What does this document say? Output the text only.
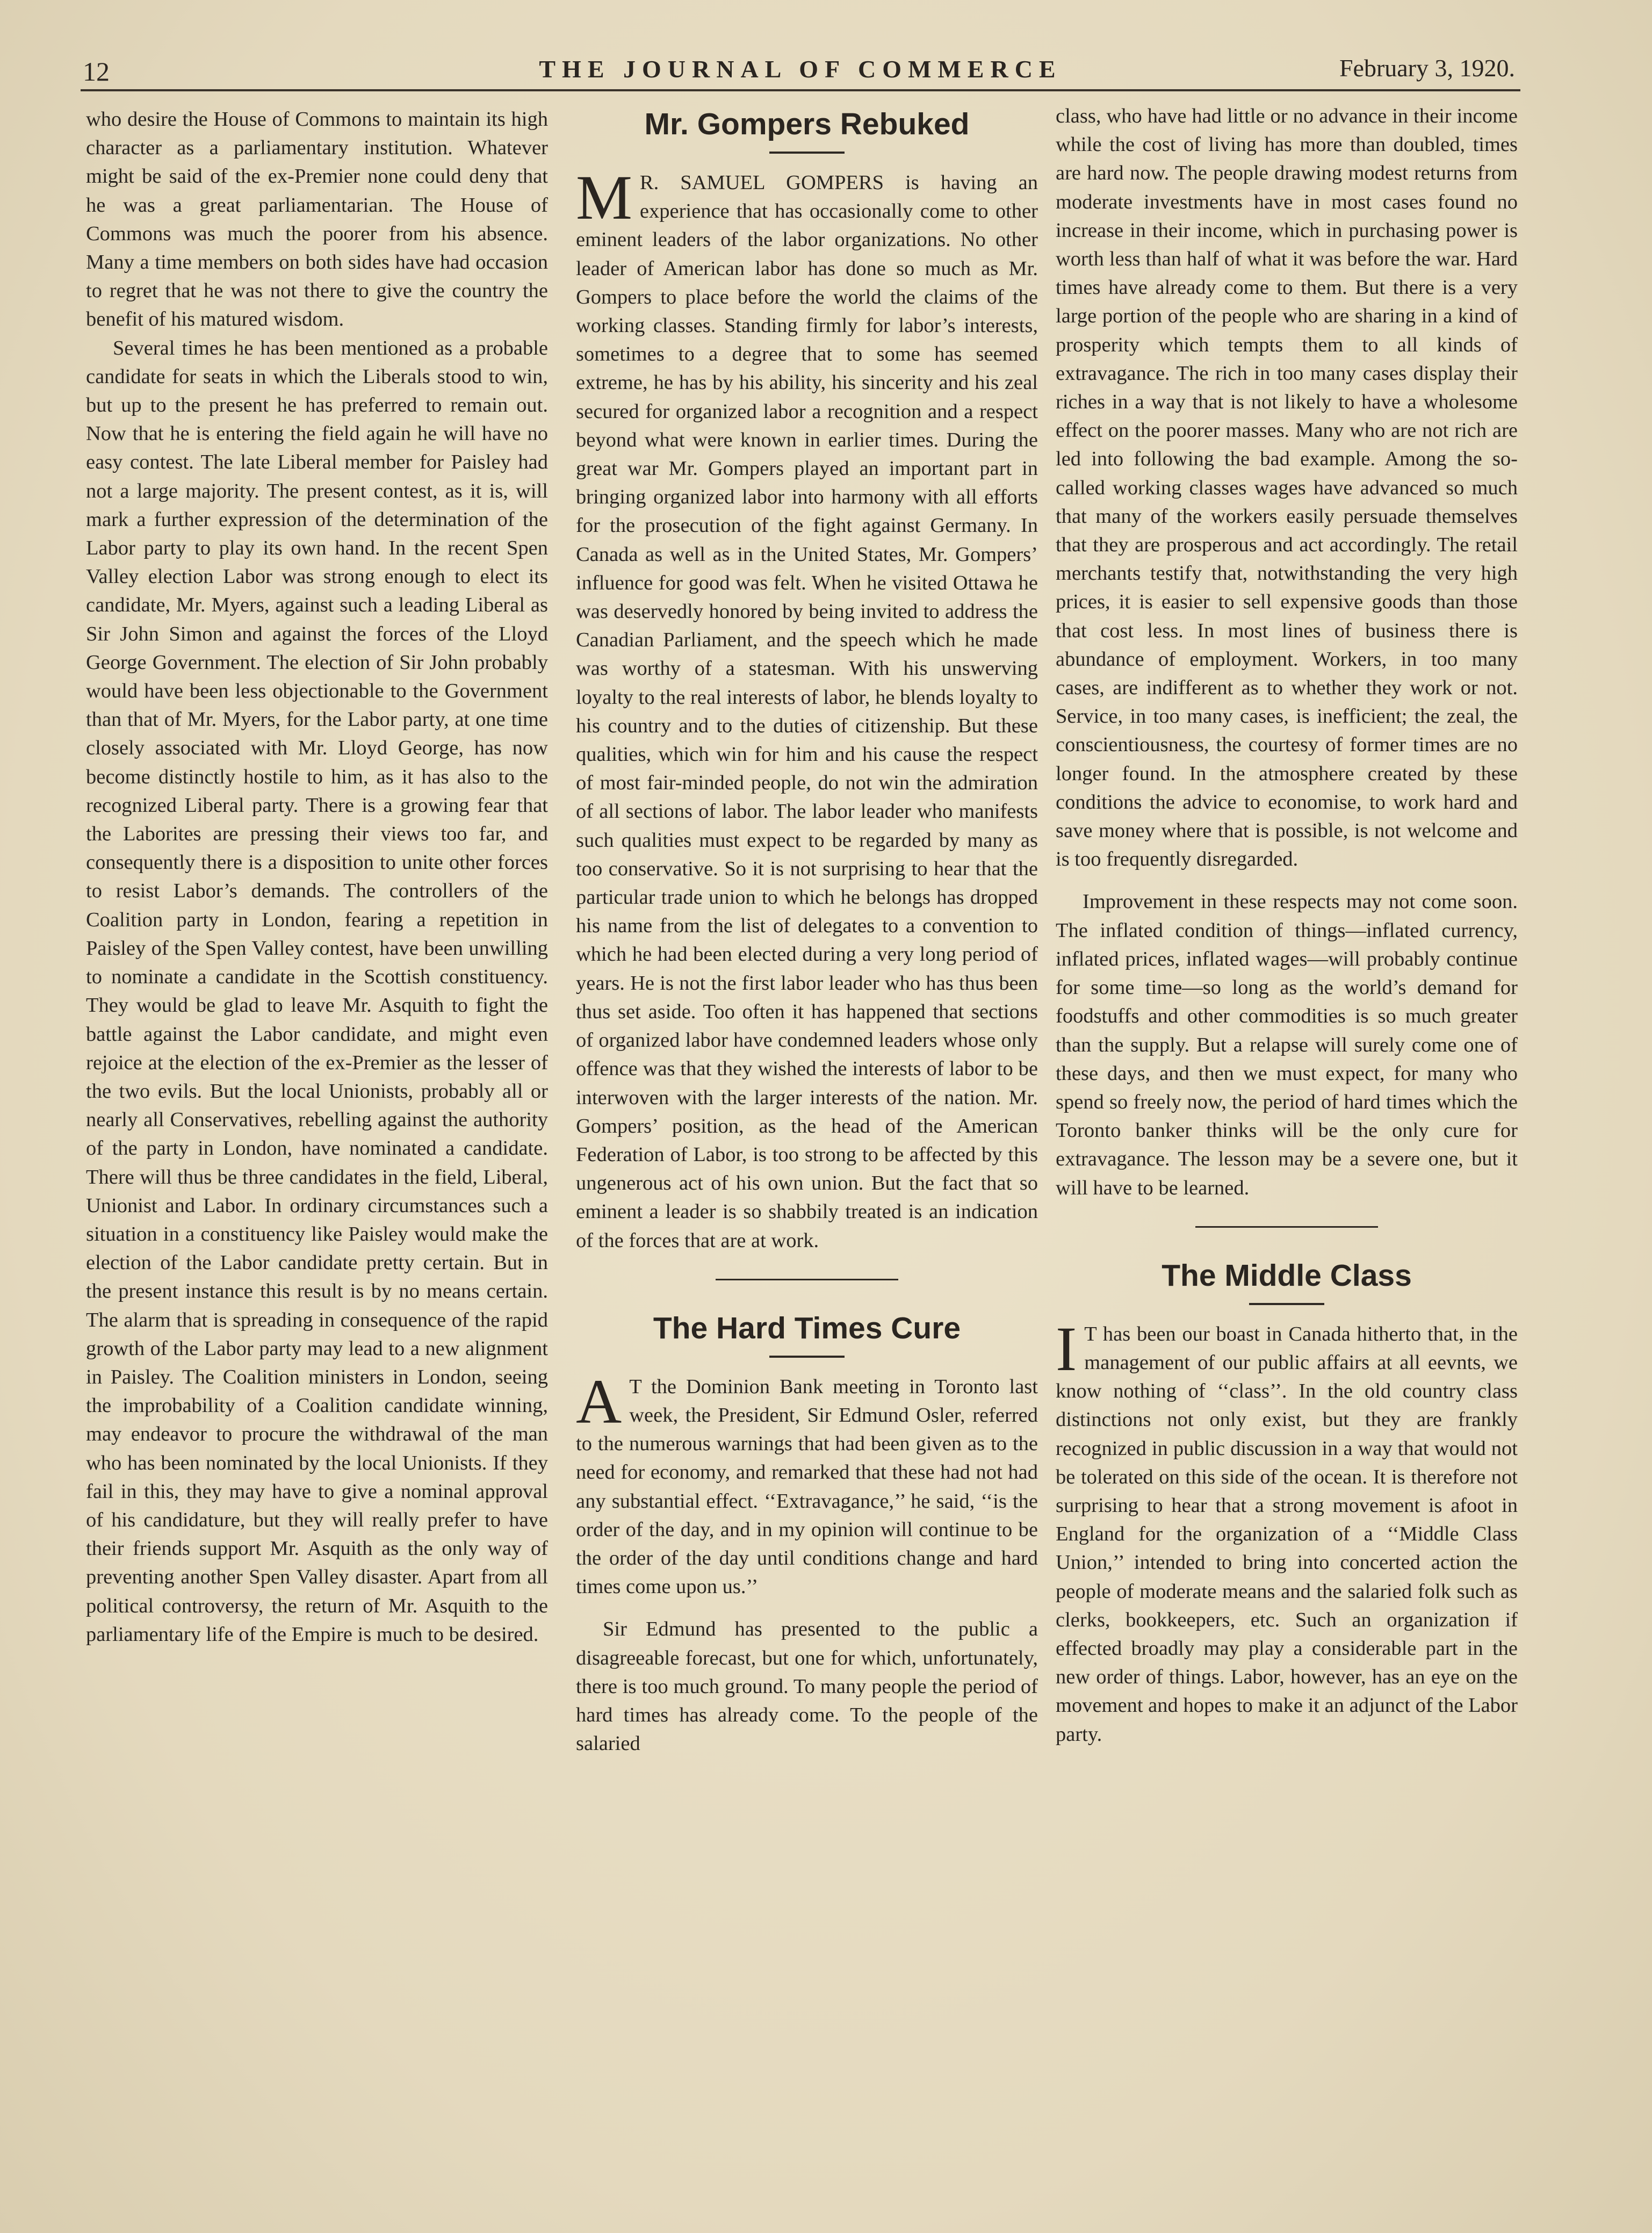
12	THE JOURNAL OF COMMERCE	February 3, 1920.

who desire the House of Commons to maintain its high character as a parliamentary institution. Whatever might be said of the ex-Premier none could deny that he was a great parliamentarian. The House of Commons was much the poorer from his absence. Many a time members on both sides have had occasion to regret that he was not there to give the country the benefit of his matured wisdom.

Several times he has been mentioned as a probable candidate for seats in which the Liberals stood to win, but up to the present he has preferred to remain out. Now that he is entering the field again he will have no easy contest. The late Liberal member for Paisley had not a large majority. The present contest, as it is, will mark a further expression of the determination of the Labor party to play its own hand. In the recent Spen Valley election Labor was strong enough to elect its candidate, Mr. Myers, against such a leading Liberal as Sir John Simon and against the forces of the Lloyd George Government. The election of Sir John probably would have been less objectionable to the Government than that of Mr. Myers, for the Labor party, at one time closely associated with Mr. Lloyd George, has now become distinctly hostile to him, as it has also to the recognized Liberal party. There is a growing fear that the Laborites are pressing their views too far, and consequently there is a disposition to unite other forces to resist Labor’s demands. The controllers of the Coalition party in London, fearing a repetition in Paisley of the Spen Valley contest, have been unwilling to nominate a candidate in the Scottish constituency. They would be glad to leave Mr. Asquith to fight the battle against the Labor candidate, and might even rejoice at the election of the ex-Premier as the lesser of the two evils. But the local Unionists, probably all or nearly all Conservatives, rebelling against the authority of the party in London, have nominated a candidate. There will thus be three candidates in the field, Liberal, Unionist and Labor. In ordinary circumstances such a situation in a constituency like Paisley would make the election of the Labor candidate pretty certain. But in the present instance this result is by no means certain. The alarm that is spreading in consequence of the rapid growth of the Labor party may lead to a new alignment in Paisley. The Coalition ministers in London, seeing the improbability of a Coalition candidate winning, may endeavor to procure the withdrawal of the man who has been nominated by the local Unionists. If they fail in this, they may have to give a nominal approval of his candidature, but they will really prefer to have their friends support Mr. Asquith as the only way of preventing another Spen Valley disaster. Apart from all political controversy, the return of Mr. Asquith to the parliamentary life of the Empire is much to be desired.

Mr. Gompers Rebuked

M R. SAMUEL GOMPERS is having an experience that has occasionally come to other eminent leaders of the labor organizations. No other leader of American labor has done so much as Mr. Gompers to place before the world the claims of the working classes. Standing firmly for labor’s interests, sometimes to a degree that to some has seemed extreme, he has by his ability, his sincerity and his zeal secured for organized labor a recognition and a respect beyond what were known in earlier times. During the great war Mr. Gompers played an important part in bringing organized labor into harmony with all efforts for the prosecution of the fight against Germany. In Canada as well as in the United States, Mr. Gompers’ influence for good was felt. When he visited Ottawa he was deservedly honored by being invited to address the Canadian Parliament, and the speech which he made was worthy of a statesman. With his unswerving loyalty to the real interests of labor, he blends loyalty to his country and to the duties of citizenship. But these qualities, which win for him and his cause the respect of most fair-minded people, do not win the admiration of all sections of labor. The labor leader who manifests such qualities must expect to be regarded by many as too conservative. So it is not surprising to hear that the particular trade union to which he belongs has dropped his name from the list of delegates to a convention to which he had been elected during a very long period of years. He is not the first labor leader who has thus been thus set aside. Too often it has happened that sections of organized labor have condemned leaders whose only offence was that they wished the interests of labor to be interwoven with the larger interests of the nation. Mr. Gompers’ position, as the head of the American Federation of Labor, is too strong to be affected by this ungenerous act of his own union. But the fact that so eminent a leader is so shabbily treated is an indication of the forces that are at work.

The Hard Times Cure

A T the Dominion Bank meeting in Toronto last week, the President, Sir Edmund Osler, referred to the numerous warnings that had been given as to the need for economy, and remarked that these had not had any substantial effect. ‘‘Extravagance,’’ he said, ‘‘is the order of the day, and in my opinion will continue to be the order of the day until conditions change and hard times come upon us.’’

Sir Edmund has presented to the public a disagreeable forecast, but one for which, unfortunately, there is too much ground. To many people the period of hard times has already come. To the people of the salaried

class, who have had little or no advance in their income while the cost of living has more than doubled, times are hard now. The people drawing modest returns from moderate investments have in most cases found no increase in their income, which in purchasing power is worth less than half of what it was before the war. Hard times have already come to them. But there is a very large portion of the people who are sharing in a kind of prosperity which tempts them to all kinds of extravagance. The rich in too many cases display their riches in a way that is not likely to have a wholesome effect on the poorer masses. Many who are not rich are led into following the bad example. Among the so-called working classes wages have advanced so much that many of the workers easily persuade themselves that they are prosperous and act accordingly. The retail merchants testify that, notwithstanding the very high prices, it is easier to sell expensive goods than those that cost less. In most lines of business there is abundance of employment. Workers, in too many cases, are indifferent as to whether they work or not. Service, in too many cases, is inefficient; the zeal, the conscientiousness, the courtesy of former times are no longer found. In the atmosphere created by these conditions the advice to economise, to work hard and save money where that is possible, is not welcome and is too frequently disregarded.

Improvement in these respects may not come soon. The inflated condition of things—inflated currency, inflated prices, inflated wages—will probably continue for some time—so long as the world’s demand for foodstuffs and other commodities is so much greater than the supply. But a relapse will surely come one of these days, and then we must expect, for many who spend so freely now, the period of hard times which the Toronto banker thinks will be the only cure for extravagance. The lesson may be a severe one, but it will have to be learned.

The Middle Class

I T has been our boast in Canada hitherto that, in the management of our public affairs at all eevnts, we know nothing of ‘‘class’’. In the old country class distinctions not only exist, but they are frankly recognized in public discussion in a way that would not be tolerated on this side of the ocean. It is therefore not surprising to hear that a strong movement is afoot in England for the organization of a ‘‘Middle Class Union,’’ intended to bring into concerted action the people of moderate means and the salaried folk such as clerks, bookkeepers, etc. Such an organization if effected broadly may play a considerable part in the new order of things. Labor, however, has an eye on the movement and hopes to make it an adjunct of the Labor party.
